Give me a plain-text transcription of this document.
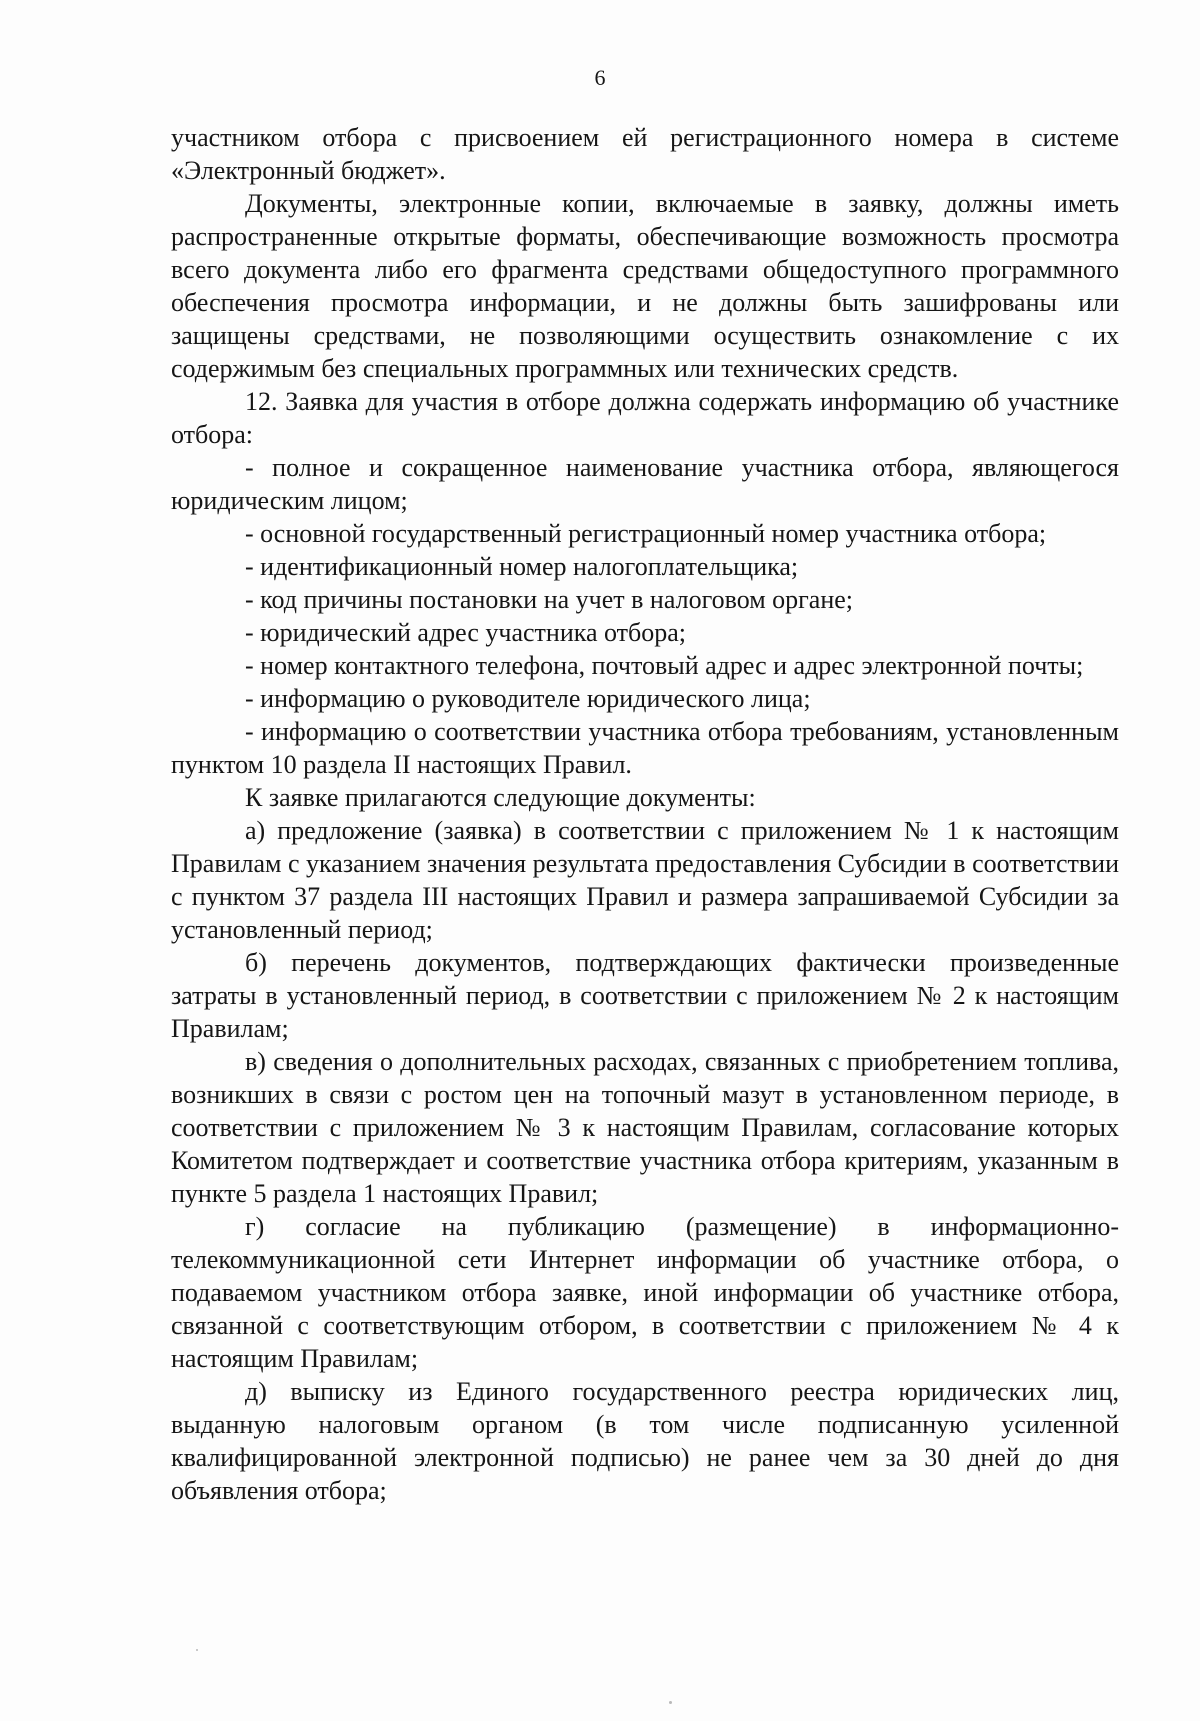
6

участником отбора с присвоением ей регистрационного номера в системе «Электронный бюджет».

Документы, электронные копии, включаемые в заявку, должны иметь распространенные открытые форматы, обеспечивающие возможность просмотра всего документа либо его фрагмента средствами общедоступного программного обеспечения просмотра информации, и не должны быть зашифрованы или защищены средствами, не позволяющими осуществить ознакомление с их содержимым без специальных программных или технических средств.

12. Заявка для участия в отборе должна содержать информацию об участнике отбора:

- полное и сокращенное наименование участника отбора, являющегося юридическим лицом;

- основной государственный регистрационный номер участника отбора;

- идентификационный номер налогоплательщика;

- код причины постановки на учет в налоговом органе;

- юридический адрес участника отбора;

- номер контактного телефона, почтовый адрес и адрес электронной почты;

- информацию о руководителе юридического лица;

- информацию о соответствии участника отбора требованиям, установленным пунктом 10 раздела II настоящих Правил.

К заявке прилагаются следующие документы:

а) предложение (заявка) в соответствии с приложением № 1 к настоящим Правилам с указанием значения результата предоставления Субсидии в соответствии с пунктом 37 раздела III настоящих Правил и размера запрашиваемой Субсидии за установленный период;

б) перечень документов, подтверждающих фактически произведенные затраты в установленный период, в соответствии с приложением № 2 к настоящим Правилам;

в) сведения о дополнительных расходах, связанных с приобретением топлива, возникших в связи с ростом цен на топочный мазут в установленном периоде, в соответствии с приложением № 3 к настоящим Правилам, согласование которых Комитетом подтверждает и соответствие участника отбора критериям, указанным в пункте 5 раздела 1 настоящих Правил;

г) согласие на публикацию (размещение) в информационно-телекоммуникационной сети Интернет информации об участнике отбора, о подаваемом участником отбора заявке, иной информации об участнике отбора, связанной с соответствующим отбором, в соответствии с приложением № 4 к настоящим Правилам;

д) выписку из Единого государственного реестра юридических лиц, выданную налоговым органом (в том числе подписанную усиленной квалифицированной электронной подписью) не ранее чем за 30 дней до дня объявления отбора;
